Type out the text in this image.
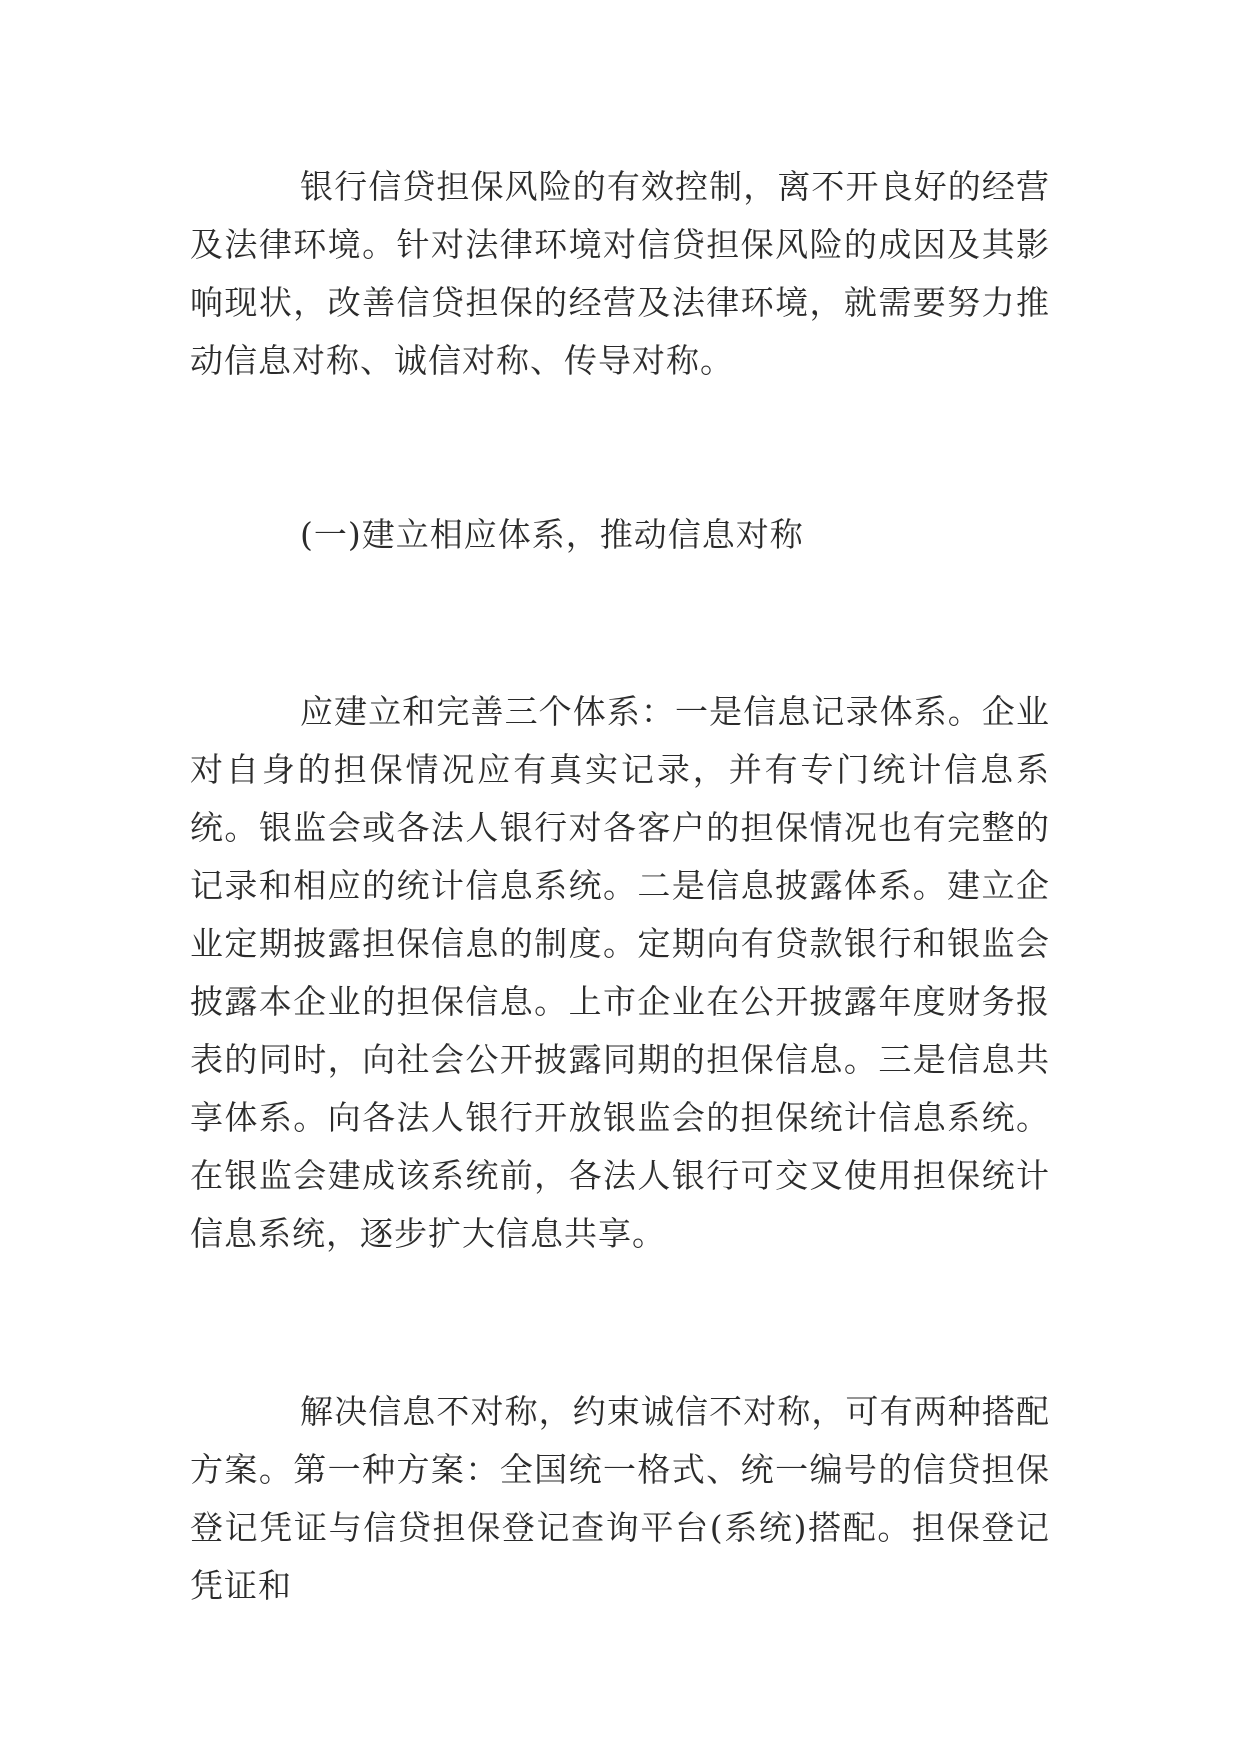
银行信贷担保风险的有效控制，离不开良好的经营及法律环境。针对法律环境对信贷担保风险的成因及其影响现状，改善信贷担保的经营及法律环境，就需要努力推动信息对称、诚信对称、传导对称。

(一)建立相应体系，推动信息对称

应建立和完善三个体系：一是信息记录体系。企业对自身的担保情况应有真实记录，并有专门统计信息系统。银监会或各法人银行对各客户的担保情况也有完整的记录和相应的统计信息系统。二是信息披露体系。建立企业定期披露担保信息的制度。定期向有贷款银行和银监会披露本企业的担保信息。上市企业在公开披露年度财务报表的同时，向社会公开披露同期的担保信息。三是信息共享体系。向各法人银行开放银监会的担保统计信息系统。在银监会建成该系统前，各法人银行可交叉使用担保统计信息系统，逐步扩大信息共享。

解决信息不对称，约束诚信不对称，可有两种搭配方案。第一种方案：全国统一格式、统一编号的信贷担保登记凭证与信贷担保登记查询平台(系统)搭配。担保登记凭证和
